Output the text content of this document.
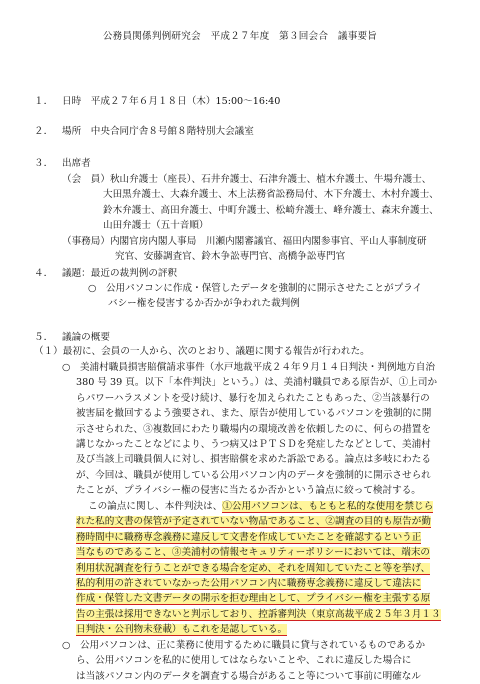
公務員関係判例研究会　平成２７年度　第３回会合　議事要旨
１． 日時　平成２７年６月１８日（木）15:00～16:40
２． 場所　中央合同庁舎８号館８階特別大会議室
３． 出席者
（会　員）秋山弁護士（座長）、石井弁護士、石津弁護士、植木弁護士、牛場弁護士、
大田黒弁護士、大森弁護士、木上法務省訟務局付、木下弁護士、木村弁護士、
鈴木弁護士、高田弁護士、中町弁護士、松崎弁護士、峰弁護士、森末弁護士、
山田弁護士（五十音順）
（事務局）内閣官房内閣人事局　川瀬内閣審議官、福田内閣参事官、平山人事制度研
究官、安藤調査官、鈴木争訟専門官、高橋争訟専門官
４． 議題：最近の裁判例の評釈
○　公用パソコンに作成・保管したデータを強制的に開示させたことがプライ
バシー権を侵害するか否かが争われた裁判例
５． 議論の概要
（１）最初に、会員の一人から、次のとおり、議題に関する報告が行われた。
○　美浦村職員損害賠償請求事件（水戸地裁平成２４年９月１４日判決・判例地方自治
380 号 39 頁。以下「本件判決」という。）は、美浦村職員である原告が、①上司か
らパワーハラスメントを受け続け、暴行を加えられたこともあった、②当該暴行の
被害届を撤回するよう強要され、また、原告が使用しているパソコンを強制的に開
示させられた、③複数回にわたり職場内の環境改善を依頼したのに、何らの措置を
講じなかったことなどにより、うつ病又はＰＴＳＤを発症したなどとして、美浦村
及び当該上司職員個人に対し、損害賠償を求めた訴訟である。論点は多岐にわたる
が、今回は、職員が使用している公用パソコン内のデータを強制的に開示させられ
たことが、プライバシー権の侵害に当たるか否かという論点に絞って検討する。
この論点に関し、本件判決は、①公用パソコンは、もともと私的な使用を禁じら
れた私的文書の保管が予定されていない物品であること、②調査の目的も原告が勤
務時間中に職務専念義務に違反して文書を作成していたことを確認するという正
当なものであること、③美浦村の情報セキュリティーポリシーにおいては、端末の
利用状況調査を行うことができる場合を定め、それを周知していたこと等を挙げ、
私的利用の許されていなかった公用パソコン内に職務専念義務に違反して違法に
作成・保管した文書データの開示を拒む理由として、プライバシー権を主張する原
告の主張は採用できないと判示しており、控訴審判決（東京高裁平成２５年３月１３
日判決・公刊物未登載）もこれを是認している。
○　公用パソコンは、正に業務に使用するために職員に貸与されているものであるか
ら、公用パソコンを私的に使用してはならないことや、これに違反した場合に
は当該パソコン内のデータを調査する場合があること等について事前に明確なル
